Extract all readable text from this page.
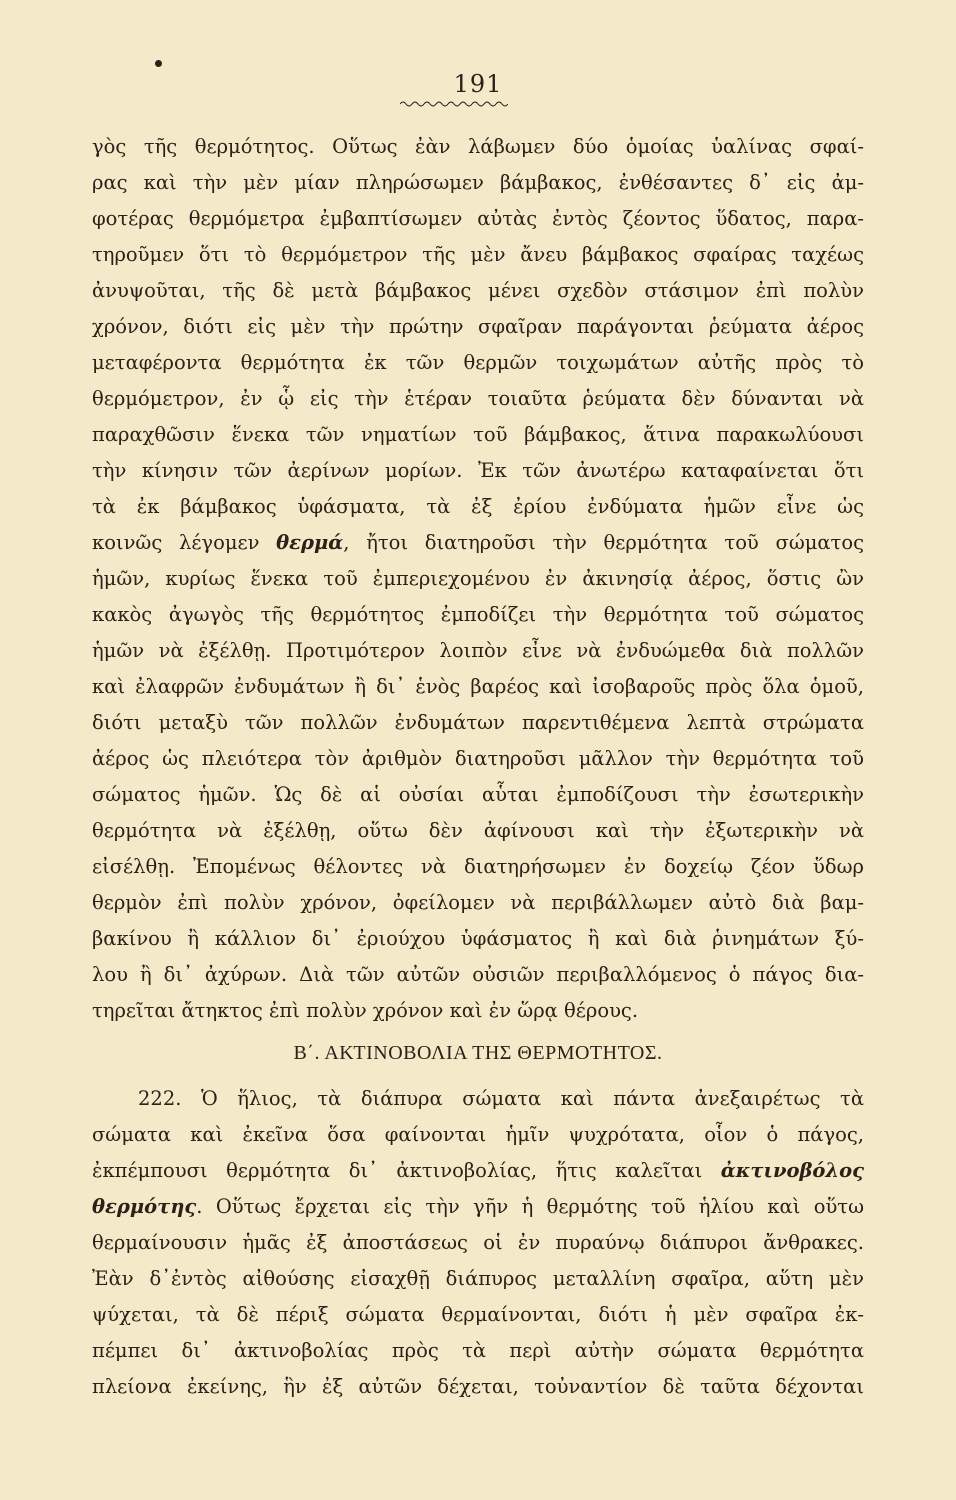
191
γὸς τῆς θερμότητος. Οὕτως ἐὰν λάβωμεν δύο ὁμοίας ὑαλίνας σφαί-
ρας καὶ τὴν μὲν μίαν πληρώσωμεν βάμβακος, ἐνθέσαντες δ᾽ εἰς ἀμ-
φοτέρας θερμόμετρα ἐμβαπτίσωμεν αὐτὰς ἐντὸς ζέοντος ὕδατος, παρα-
τηροῦμεν ὅτι τὸ θερμόμετρον τῆς μὲν ἄνευ βάμβακος σφαίρας ταχέως
ἀνυψοῦται, τῆς δὲ μετὰ βάμβακος μένει σχεδὸν στάσιμον ἐπὶ πολὺν
χρόνον, διότι εἰς μὲν τὴν πρώτην σφαῖραν παράγονται ῥεύματα ἀέρος
μεταφέροντα θερμότητα ἐκ τῶν θερμῶν τοιχωμάτων αὐτῆς πρὸς τὸ
θερμόμετρον, ἐν ᾧ εἰς τὴν ἑτέραν τοιαῦτα ῥεύματα δὲν δύνανται νὰ
παραχθῶσιν ἕνεκα τῶν νηματίων τοῦ βάμβακος, ἅτινα παρακωλύουσι
τὴν κίνησιν τῶν ἀερίνων μορίων. Ἐκ τῶν ἀνωτέρω καταφαίνεται ὅτι
τὰ ἐκ βάμβακος ὑφάσματα, τὰ ἐξ ἐρίου ἐνδύματα ἡμῶν εἶνε ὡς
κοινῶς λέγομεν θερμά, ἤτοι διατηροῦσι τὴν θερμότητα τοῦ σώματος
ἡμῶν, κυρίως ἕνεκα τοῦ ἐμπεριεχομένου ἐν ἀκινησίᾳ ἀέρος, ὅστις ὢν
κακὸς ἀγωγὸς τῆς θερμότητος ἐμποδίζει τὴν θερμότητα τοῦ σώματος
ἡμῶν νὰ ἐξέλθῃ. Προτιμότερον λοιπὸν εἶνε νὰ ἐνδυώμεθα διὰ πολλῶν
καὶ ἐλαφρῶν ἐνδυμάτων ἢ δι᾽ ἑνὸς βαρέος καὶ ἰσοβαροῦς πρὸς ὅλα ὁμοῦ,
διότι μεταξὺ τῶν πολλῶν ἐνδυμάτων παρεντιθέμενα λεπτὰ στρώματα
ἀέρος ὡς πλειότερα τὸν ἀριθμὸν διατηροῦσι μᾶλλον τὴν θερμότητα τοῦ
σώματος ἡμῶν. Ὡς δὲ αἱ οὐσίαι αὗται ἐμποδίζουσι τὴν ἐσωτερικὴν
θερμότητα νὰ ἐξέλθῃ, οὕτω δὲν ἀφίνουσι καὶ τὴν ἐξωτερικὴν νὰ
εἰσέλθῃ. Ἐπομένως θέλοντες νὰ διατηρήσωμεν ἐν δοχείῳ ζέον ὕδωρ
θερμὸν ἐπὶ πολὺν χρόνον, ὀφείλομεν νὰ περιβάλλωμεν αὐτὸ διὰ βαμ-
βακίνου ἢ κάλλιον δι᾽ ἐριούχου ὑφάσματος ἢ καὶ διὰ ῥινημάτων ξύ-
λου ἢ δι᾽ ἀχύρων. Διὰ τῶν αὐτῶν οὐσιῶν περιβαλλόμενος ὁ πάγος δια-
τηρεῖται ἄτηκτος ἐπὶ πολὺν χρόνον καὶ ἐν ὥρᾳ θέρους.
Β΄. ΑΚΤΙΝΟΒΟΛΙΑ ΤΗΣ ΘΕΡΜΟΤΗΤΟΣ.
222. Ὁ ἥλιος, τὰ διάπυρα σώματα καὶ πάντα ἀνεξαιρέτως τὰ
σώματα καὶ ἐκεῖνα ὅσα φαίνονται ἡμῖν ψυχρότατα, οἷον ὁ πάγος,
ἐκπέμπουσι θερμότητα δι᾽ ἀκτινοβολίας, ἥτις καλεῖται ἀκτινοβόλος
θερμότης. Οὕτως ἔρχεται εἰς τὴν γῆν ἡ θερμότης τοῦ ἡλίου καὶ οὕτω
θερμαίνουσιν ἡμᾶς ἐξ ἀποστάσεως οἱ ἐν πυραύνῳ διάπυροι ἄνθρακες.
Ἐὰν δ᾽ἐντὸς αἰθούσης εἰσαχθῇ διάπυρος μεταλλίνη σφαῖρα, αὕτη μὲν
ψύχεται, τὰ δὲ πέριξ σώματα θερμαίνονται, διότι ἡ μὲν σφαῖρα ἐκ-
πέμπει δι᾽ ἀκτινοβολίας πρὸς τὰ περὶ αὐτὴν σώματα θερμότητα
πλείονα ἐκείνης, ἣν ἐξ αὐτῶν δέχεται, τοὐναντίον δὲ ταῦτα δέχονται
